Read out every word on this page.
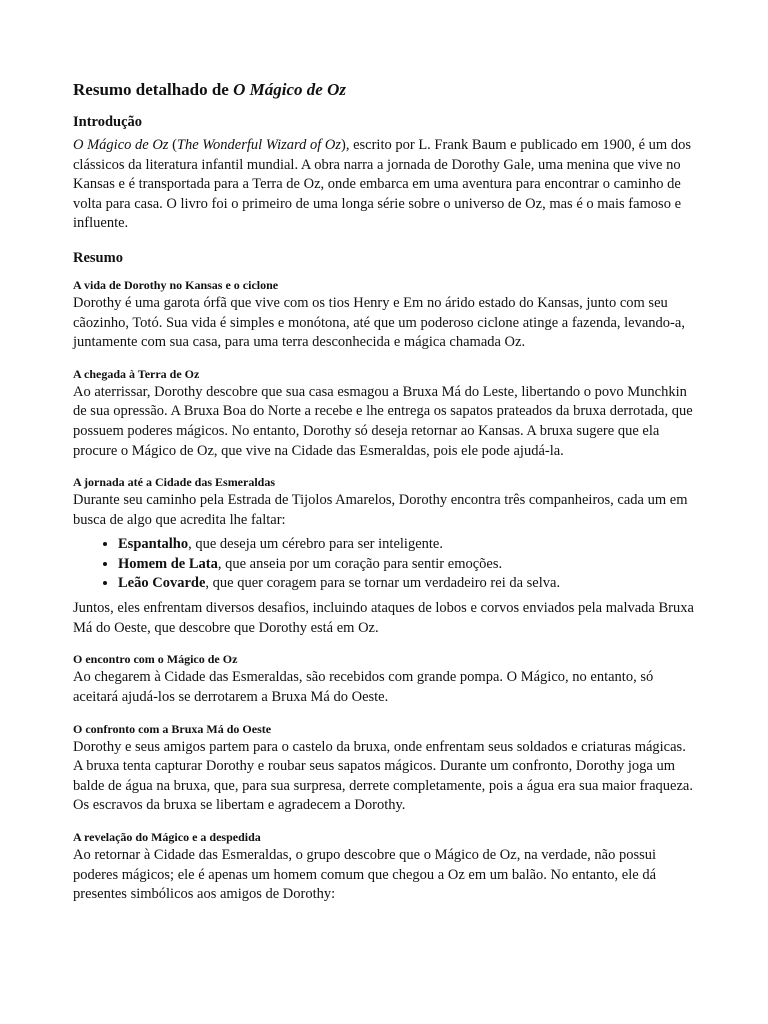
Resumo detalhado de O Mágico de Oz
Introdução

O Mágico de Oz (The Wonderful Wizard of Oz), escrito por L. Frank Baum e publicado em 1900, é um dos clássicos da literatura infantil mundial. A obra narra a jornada de Dorothy Gale, uma menina que vive no Kansas e é transportada para a Terra de Oz, onde embarca em uma aventura para encontrar o caminho de volta para casa. O livro foi o primeiro de uma longa série sobre o universo de Oz, mas é o mais famoso e influente.

Resumo
A vida de Dorothy no Kansas e o ciclone

Dorothy é uma garota órfã que vive com os tios Henry e Em no árido estado do Kansas, junto com seu cãozinho, Totó. Sua vida é simples e monótona, até que um poderoso ciclone atinge a fazenda, levando-a, juntamente com sua casa, para uma terra desconhecida e mágica chamada Oz.

A chegada à Terra de Oz

Ao aterrissar, Dorothy descobre que sua casa esmagou a Bruxa Má do Leste, libertando o povo Munchkin de sua opressão. A Bruxa Boa do Norte a recebe e lhe entrega os sapatos prateados da bruxa derrotada, que possuem poderes mágicos. No entanto, Dorothy só deseja retornar ao Kansas. A bruxa sugere que ela procure o Mágico de Oz, que vive na Cidade das Esmeraldas, pois ele pode ajudá-la.

A jornada até a Cidade das Esmeraldas

Durante seu caminho pela Estrada de Tijolos Amarelos, Dorothy encontra três companheiros, cada um em busca de algo que acredita lhe faltar:

• Espantalho, que deseja um cérebro para ser inteligente.
• Homem de Lata, que anseia por um coração para sentir emoções.
• Leão Covarde, que quer coragem para se tornar um verdadeiro rei da selva.

Juntos, eles enfrentam diversos desafios, incluindo ataques de lobos e corvos enviados pela malvada Bruxa Má do Oeste, que descobre que Dorothy está em Oz.

O encontro com o Mágico de Oz

Ao chegarem à Cidade das Esmeraldas, são recebidos com grande pompa. O Mágico, no entanto, só aceitará ajudá-los se derrotarem a Bruxa Má do Oeste.

O confronto com a Bruxa Má do Oeste

Dorothy e seus amigos partem para o castelo da bruxa, onde enfrentam seus soldados e criaturas mágicas. A bruxa tenta capturar Dorothy e roubar seus sapatos mágicos. Durante um confronto, Dorothy joga um balde de água na bruxa, que, para sua surpresa, derrete completamente, pois a água era sua maior fraqueza. Os escravos da bruxa se libertam e agradecem a Dorothy.

A revelação do Mágico e a despedida

Ao retornar à Cidade das Esmeraldas, o grupo descobre que o Mágico de Oz, na verdade, não possui poderes mágicos; ele é apenas um homem comum que chegou a Oz em um balão. No entanto, ele dá presentes simbólicos aos amigos de Dorothy:
